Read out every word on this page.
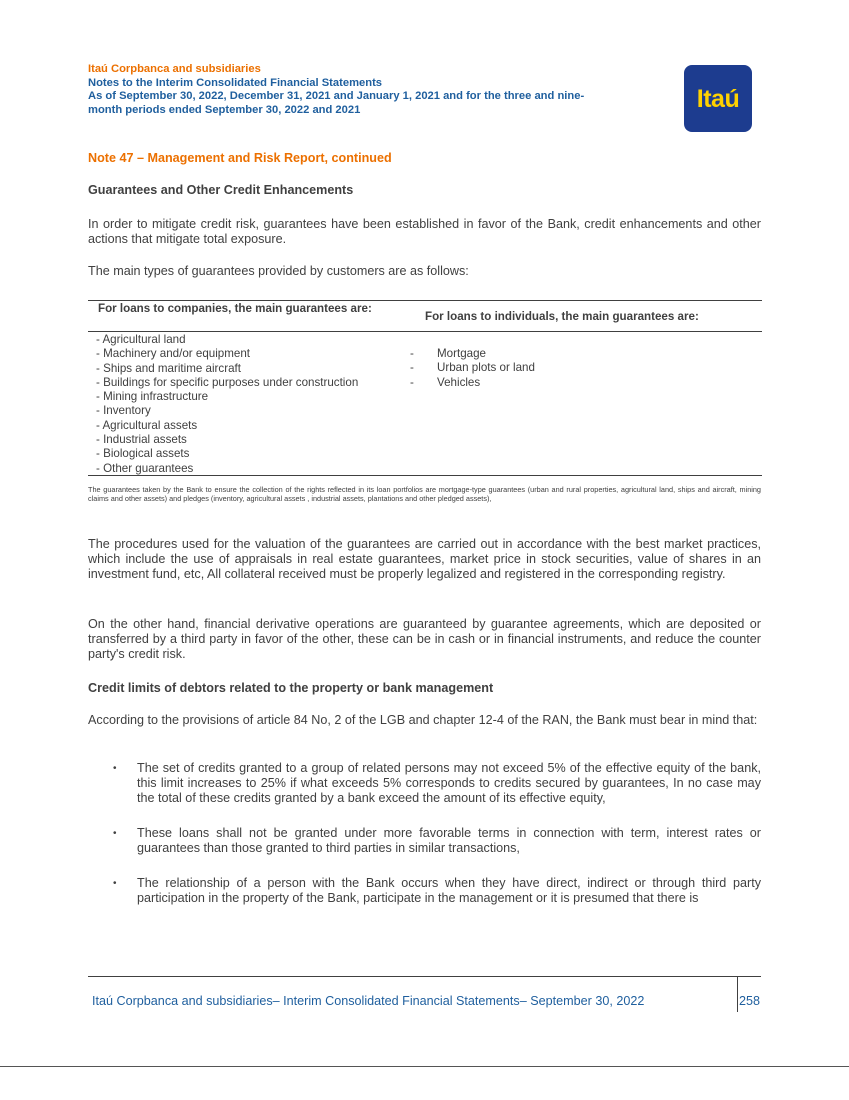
Itaú Corpbanca and subsidiaries
Notes to the Interim Consolidated Financial Statements
As of September 30, 2022, December 31, 2021 and January 1, 2021 and for the three and nine-
month periods ended September 30, 2022 and 2021	Itaú
Note 47 – Management and Risk Report, continued
Guarantees and Other Credit Enhancements
In order to mitigate credit risk, guarantees have been established in favor of the Bank, credit enhancements and other actions that mitigate total exposure.
The main types of guarantees provided by customers are as follows:
For loans to companies, the main guarantees are:
For loans to individuals, the main guarantees are:
- Agricultural land
- Machinery and/or equipment
- Ships and maritime aircraft
- Buildings for specific purposes under construction
- Mining infrastructure
- Inventory
- Agricultural assets
- Industrial assets
- Biological assets
- Other guarantees
- Mortgage
- Urban plots or land
- Vehicles
The guarantees taken by the Bank to ensure the collection of the rights reflected in its loan portfolios are mortgage-type guarantees (urban and rural properties, agricultural land, ships and aircraft, mining claims and other assets) and pledges (inventory, agricultural assets , industrial assets, plantations and other pledged assets),
The procedures used for the valuation of the guarantees are carried out in accordance with the best market practices, which include the use of appraisals in real estate guarantees, market price in stock securities, value of shares in an investment fund, etc, All collateral received must be properly legalized and registered in the corresponding registry.
On the other hand, financial derivative operations are guaranteed by guarantee agreements, which are deposited or transferred by a third party in favor of the other, these can be in cash or in financial instruments, and reduce the counter party's credit risk.
Credit limits of debtors related to the property or bank management
According to the provisions of article 84 No, 2 of the LGB and chapter 12-4 of the RAN, the Bank must bear in mind that:
• The set of credits granted to a group of related persons may not exceed 5% of the effective equity of the bank, this limit increases to 25% if what exceeds 5% corresponds to credits secured by guarantees, In no case may the total of these credits granted by a bank exceed the amount of its effective equity,
• These loans shall not be granted under more favorable terms in connection with term, interest rates or guarantees than those granted to third parties in similar transactions,
• The relationship of a person with the Bank occurs when they have direct, indirect or through third party participation in the property of the Bank, participate in the management or it is presumed that there is
Itaú Corpbanca and subsidiaries– Interim Consolidated Financial Statements– September 30, 2022	258
